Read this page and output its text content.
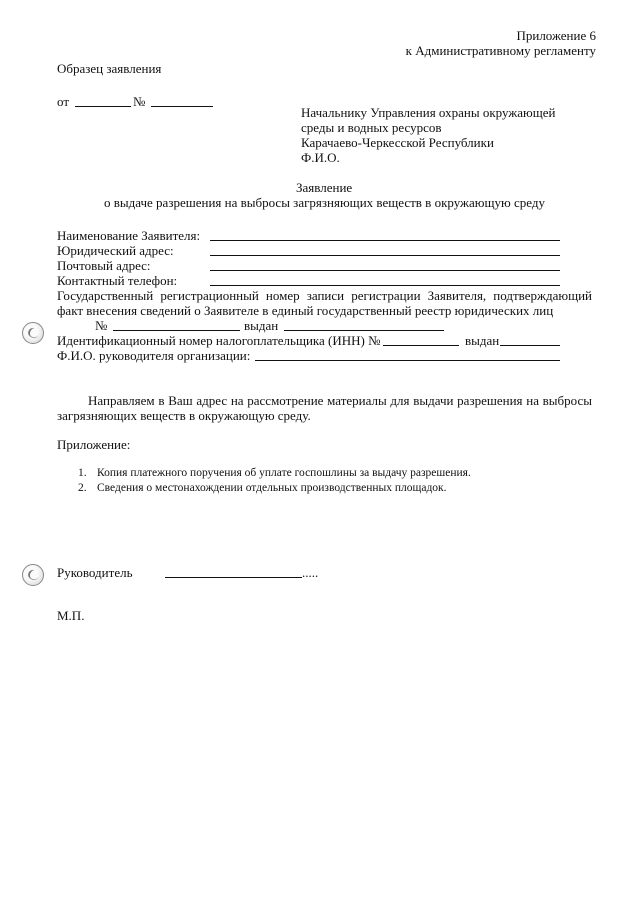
Приложение 6
к Административному регламенту
Образец заявления
от	№
Начальнику Управления охраны окружающей
среды и водных ресурсов
Карачаево-Черкесской Республики
Ф.И.О.
Заявление
о выдаче разрешения на выбросы загрязняющих веществ в окружающую среду
Наименование Заявителя:
Юридический адрес:
Почтовый адрес:
Контактный телефон:
Государственный регистрационный номер записи регистрации Заявителя, подтверждающий
факт внесения сведений о Заявителе в единый государственный реестр юридических лиц
№	выдан
Идентификационный номер налогоплательщика (ИНН) №	выдан
Ф.И.О. руководителя организации:
Направляем в Ваш адрес на рассмотрение материалы для выдачи разрешения на выбросы
загрязняющих веществ в окружающую среду.
Приложение:
1. Копия платежного поручения об уплате госпошлины за выдачу разрешения.
2. Сведения о местонахождении отдельных производственных площадок.
Руководитель	.....
М.П.
